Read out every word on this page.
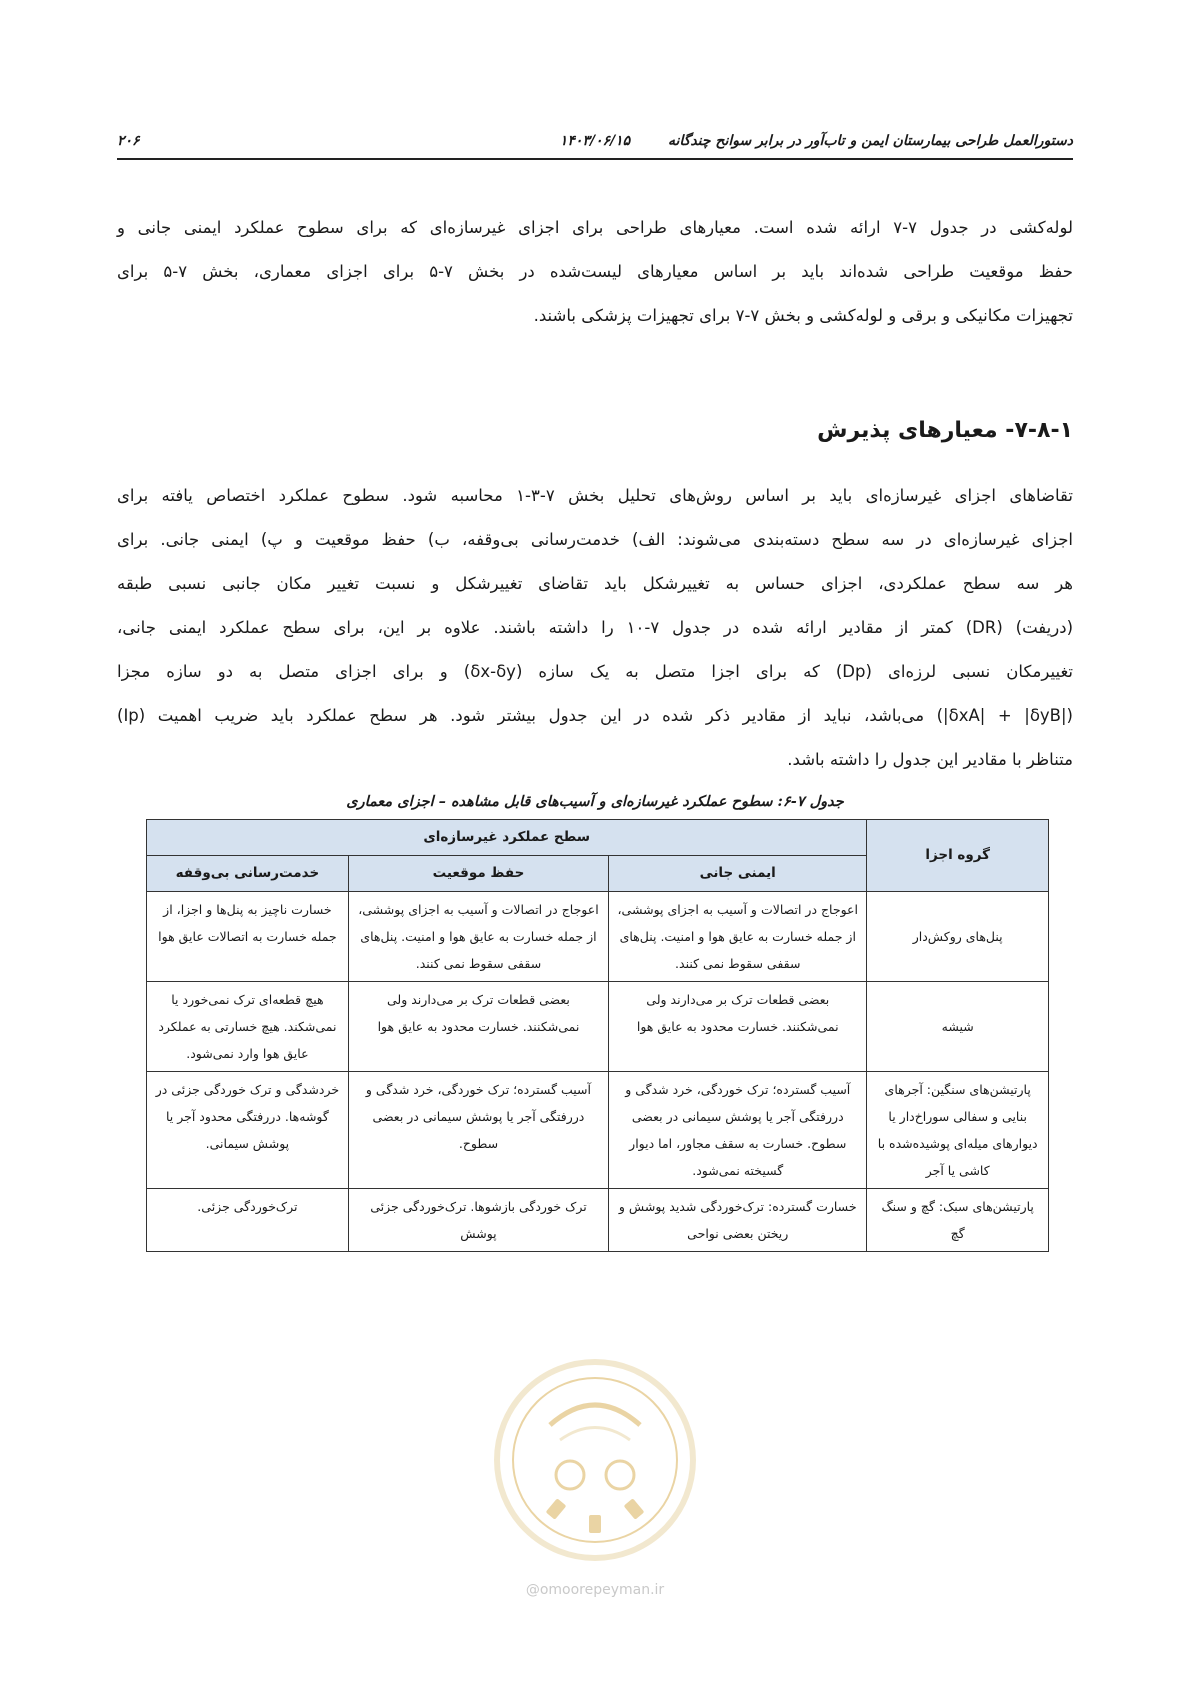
دستورالعمل طراحی بیمارستان ایمن و تاب‌آور در برابر سوانح چندگانه
۱۴۰۳/۰۶/۱۵
۲۰۶
لوله‌کشی در جدول ۷-۷ ارائه شده است. معیارهای طراحی برای اجزای غیرسازه‌ای که برای سطوح عملکرد ایمنی جانی و
حفظ موقعیت طراحی شده‌اند باید بر اساس معیارهای لیست‌شده در بخش ۷-۵ برای اجزای معماری، بخش ۷-۵ برای
تجهیزات مکانیکی و برقی و لوله‌کشی و بخش ۷-۷ برای تجهیزات پزشکی باشند.
۷-۸-۱- معیارهای پذیرش
تقاضاهای اجزای غیرسازه‌ای باید بر اساس روش‌های تحلیل بخش ۷-۳-۱ محاسبه شود. سطوح عملکرد اختصاص یافته برای
اجزای غیرسازه‌ای در سه سطح دسته‌بندی می‌شوند: الف) خدمت‌رسانی بی‌وقفه، ب) حفظ موقعیت و پ) ایمنی جانی. برای
هر سه سطح عملکردی، اجزای حساس به تغییرشکل باید تقاضای تغییرشکل و نسبت تغییر مکان جانبی نسبی طبقه
(دریفت) (DR) کمتر از مقادیر ارائه شده در جدول ۷-۱۰ را داشته باشند. علاوه بر این، برای سطح عملکرد ایمنی جانی،
تغییرمکان نسبی لرزه‌ای (Dp) که برای اجزا متصل به یک سازه (δx-δy) و برای اجزای متصل به دو سازه مجزا
(|δxA| + |δyB|) می‌باشد، نباید از مقادیر ذکر شده در این جدول بیشتر شود. هر سطح عملکرد باید ضریب اهمیت (Ip)
متناظر با مقادیر این جدول را داشته باشد.
جدول ۷-۶: سطوح عملکرد غیرسازه‌ای و آسیب‌های قابل مشاهده – اجزای معماری
گروه اجزا	سطح عملکرد غیرسازه‌ای		
	ایمنی جانی	حفظ موقعیت	خدمت‌رسانی بی‌وقفه
پنل‌های روکش‌دار	اعوجاج در اتصالات و آسیب به اجزای پوششی، از جمله خسارت به عایق هوا و امنیت. پنل‌های سقفی سقوط نمی کنند.	اعوجاج در اتصالات و آسیب به اجزای پوششی، از جمله خسارت به عایق هوا و امنیت. پنل‌های سقفی سقوط نمی کنند.	خسارت ناچیز به پنل‌ها و اجزا، از جمله خسارت به اتصالات عایق هوا
شیشه	بعضی قطعات ترک بر می‌دارند ولی نمی‌شکنند. خسارت محدود به عایق هوا	بعضی قطعات ترک بر می‌دارند ولی نمی‌شکنند. خسارت محدود به عایق هوا	هیچ قطعه‌ای ترک نمی‌خورد یا نمی‌شکند. هیچ خسارتی به عملکرد عایق هوا وارد نمی‌شود.
پارتیشن‌های سنگین: آجرهای بنایی و سفالی سوراخ‌دار یا دیوارهای میله‌ای پوشیده‌شده با کاشی یا آجر	آسیب گسترده؛ ترک خوردگی، خرد شدگی و دررفتگی آجر یا پوشش سیمانی در بعضی سطوح. خسارت به سقف مجاور، اما دیوار گسیخته نمی‌شود.	آسیب گسترده؛ ترک خوردگی، خرد شدگی و دررفتگی آجر یا پوشش سیمانی در بعضی سطوح.	خردشدگی و ترک خوردگی جزئی در گوشه‌ها. دررفتگی محدود آجر یا پوشش سیمانی.
پارتیشن‌های سبک: گچ و سنگ گچ	خسارت گسترده: ترک‌خوردگی شدید پوشش و ریختن بعضی نواحی	ترک خوردگی بازشوها. ترک‌خوردگی جزئی پوشش	ترک‌خوردگی جزئی.
@omoorepeyman.ir
